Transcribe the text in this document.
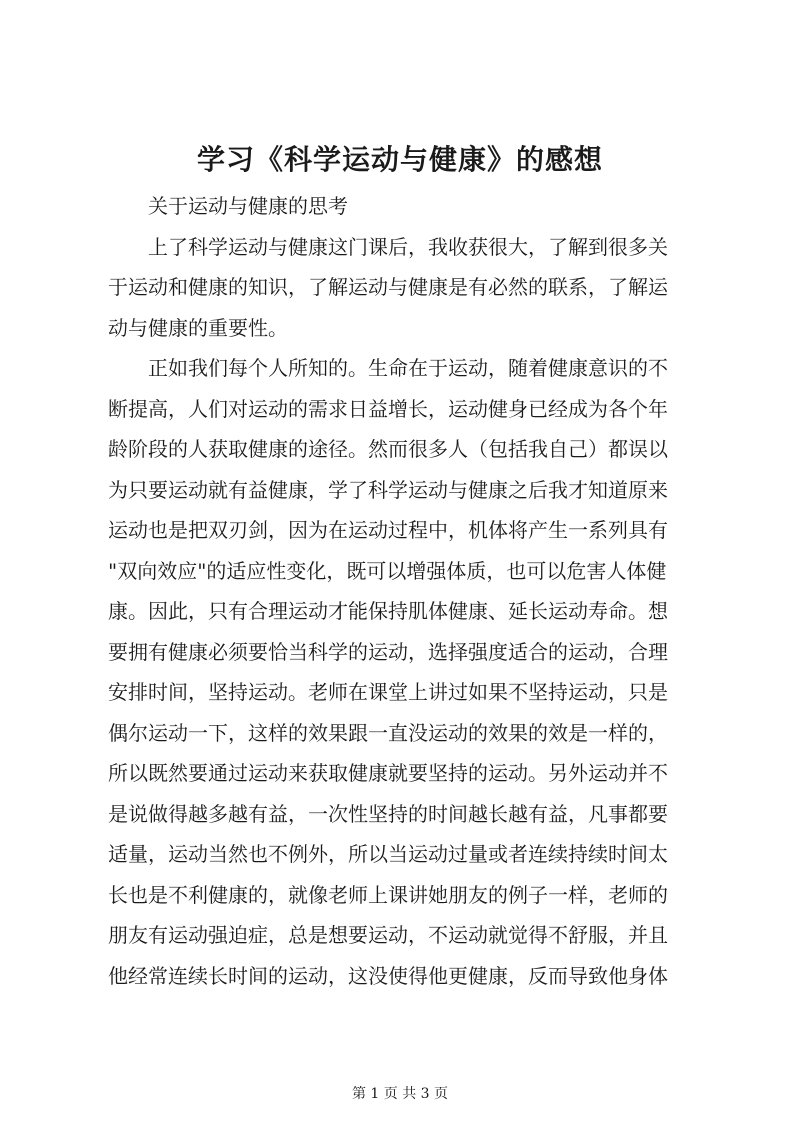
学习《科学运动与健康》的感想

关于运动与健康的思考

上了科学运动与健康这门课后，我收获很大，了解到很多关

于运动和健康的知识，了解运动与健康是有必然的联系，了解运

动与健康的重要性。

正如我们每个人所知的。生命在于运动，随着健康意识的不

断提高，人们对运动的需求日益增长，运动健身已经成为各个年

龄阶段的人获取健康的途径。然而很多人（包括我自己）都误以

为只要运动就有益健康，学了科学运动与健康之后我才知道原来

运动也是把双刃剑，因为在运动过程中，机体将产生一系列具有

"双向效应"的适应性变化，既可以增强体质，也可以危害人体健

康。因此，只有合理运动才能保持肌体健康、延长运动寿命。想

要拥有健康必须要恰当科学的运动，选择强度适合的运动，合理

安排时间，坚持运动。老师在课堂上讲过如果不坚持运动，只是

偶尔运动一下，这样的效果跟一直没运动的效果的效是一样的，

所以既然要通过运动来获取健康就要坚持的运动。另外运动并不

是说做得越多越有益，一次性坚持的时间越长越有益，凡事都要

适量，运动当然也不例外，所以当运动过量或者连续持续时间太

长也是不利健康的，就像老师上课讲她朋友的例子一样，老师的

朋友有运动强迫症，总是想要运动，不运动就觉得不舒服，并且

他经常连续长时间的运动，这没使得他更健康，反而导致他身体

第 1 页 共 3 页
